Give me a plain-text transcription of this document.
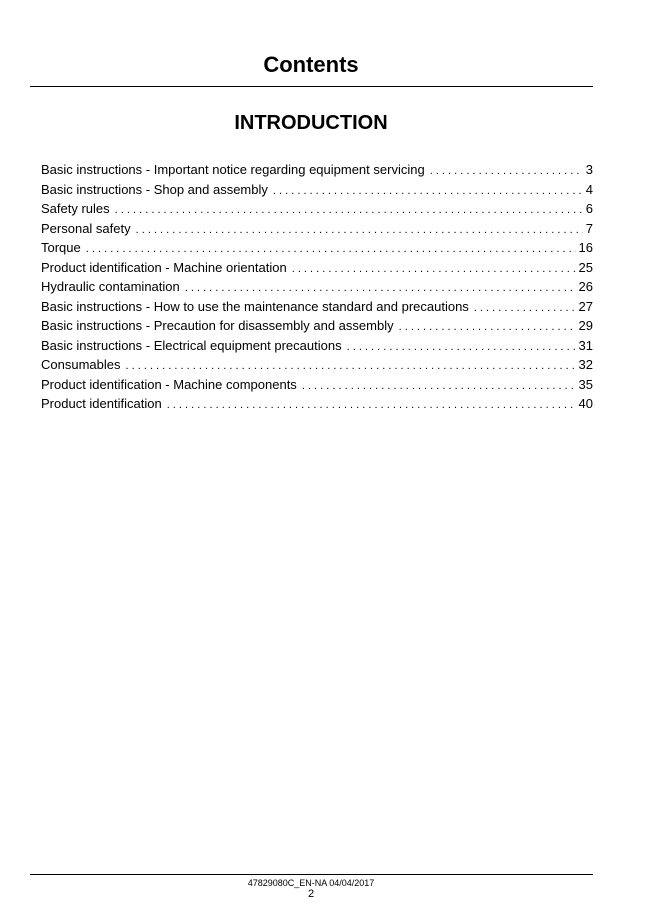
Contents
INTRODUCTION
Basic instructions - Important notice regarding equipment servicing . . .	3
Basic instructions - Shop and assembly . . .	4
Safety rules . . .	6
Personal safety . . .	7
Torque . . .	16
Product identification - Machine orientation . . .	25
Hydraulic contamination . . .	26
Basic instructions - How to use the maintenance standard and precautions . . .	27
Basic instructions - Precaution for disassembly and assembly . . .	29
Basic instructions - Electrical equipment precautions . . .	31
Consumables . . .	32
Product identification - Machine components . . .	35
Product identification . . .	40
47829080C_EN-NA 04/04/2017
2
